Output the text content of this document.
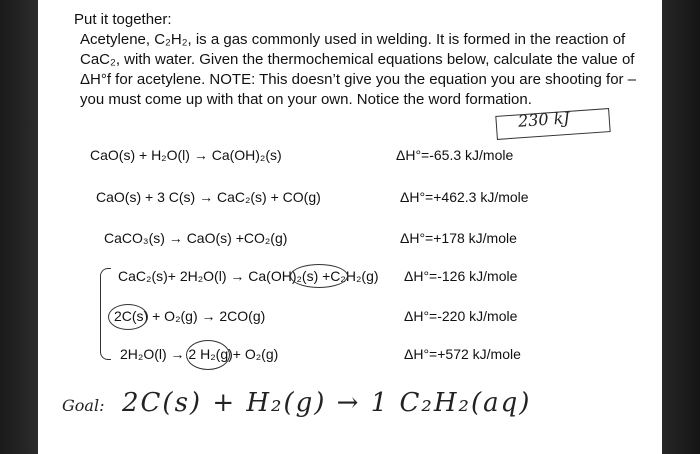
Put it together:

Acetylene, C₂H₂, is a gas commonly used in welding. It is formed in the reaction of CaC₂, with water. Given the thermochemical equations below, calculate the value of ΔH°f for acetylene. NOTE: This doesn’t give you the equation you are shooting for – you must come up with that on your own. Notice the word formation.

230 kJ
CaO(s) + H₂O(l) → Ca(OH)₂(s)	ΔH°=-65.3 kJ/mole
CaO(s) + 3 C(s) → CaC₂(s) + CO(g)	ΔH°=+462.3 kJ/mole
CaCO₃(s) → CaO(s) +CO₂(g)	ΔH°=+178 kJ/mole
CaC₂(s)+ 2H₂O(l) → Ca(OH)₂(s) +C₂H₂(g) ΔH°=-126 kJ/mole
2C(s) + O₂(g) → 2CO(g)	ΔH°=-220 kJ/mole
2H₂O(l) → 2 H₂(g)+ O₂(g)	ΔH°=+572 kJ/mole
Goal: 2C(s) + H₂(g) → 1 C₂H₂(aq)
